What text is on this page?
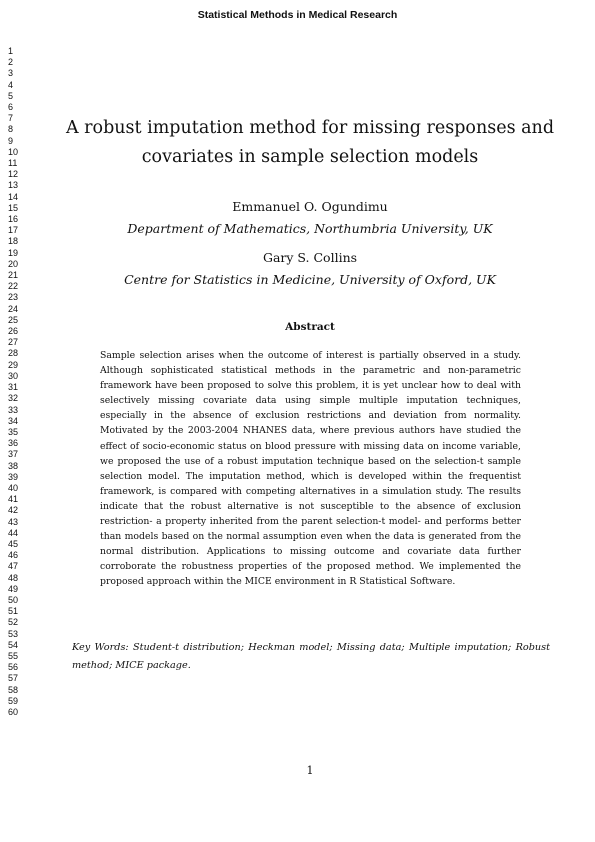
Statistical Methods in Medical Research
1
2
3
4
5
6
7
8
9
10
11
12
13
14
15
16
17
18
19
20
21
22
23
24
25
26
27
28
29
30
31
32
33
34
35
36
37
38
39
40
41
42
43
44
45
46
47
48
49
50
51
52
53
54
55
56
57
58
59
60
A robust imputation method for missing responses and
covariates in sample selection models
Emmanuel O. Ogundimu
Department of Mathematics, Northumbria University, UK
Gary S. Collins
Centre for Statistics in Medicine, University of Oxford, UK
Abstract

Sample selection arises when the outcome of interest is partially observed in a study. Although sophisticated statistical methods in the parametric and non-parametric framework have been proposed to solve this problem, it is yet unclear how to deal with selectively missing covariate data using simple multiple imputation techniques, especially in the absence of exclusion restrictions and deviation from normality. Motivated by the 2003-2004 NHANES data, where previous authors have studied the effect of socio-economic status on blood pressure with missing data on income variable, we proposed the use of a robust imputation technique based on the selection-t sample selection model. The imputation method, which is developed within the frequentist framework, is compared with competing alternatives in a simulation study. The results indicate that the robust alternative is not susceptible to the absence of exclusion restriction- a property inherited from the parent selection-t model- and performs better than models based on the normal assumption even when the data is generated from the normal distribution. Applications to missing outcome and covariate data further corroborate the robustness properties of the proposed method. We implemented the proposed approach within the MICE environment in R Statistical Software.

Key Words: Student-t distribution; Heckman model; Missing data; Multiple imputation; Robust method; MICE package.

1
